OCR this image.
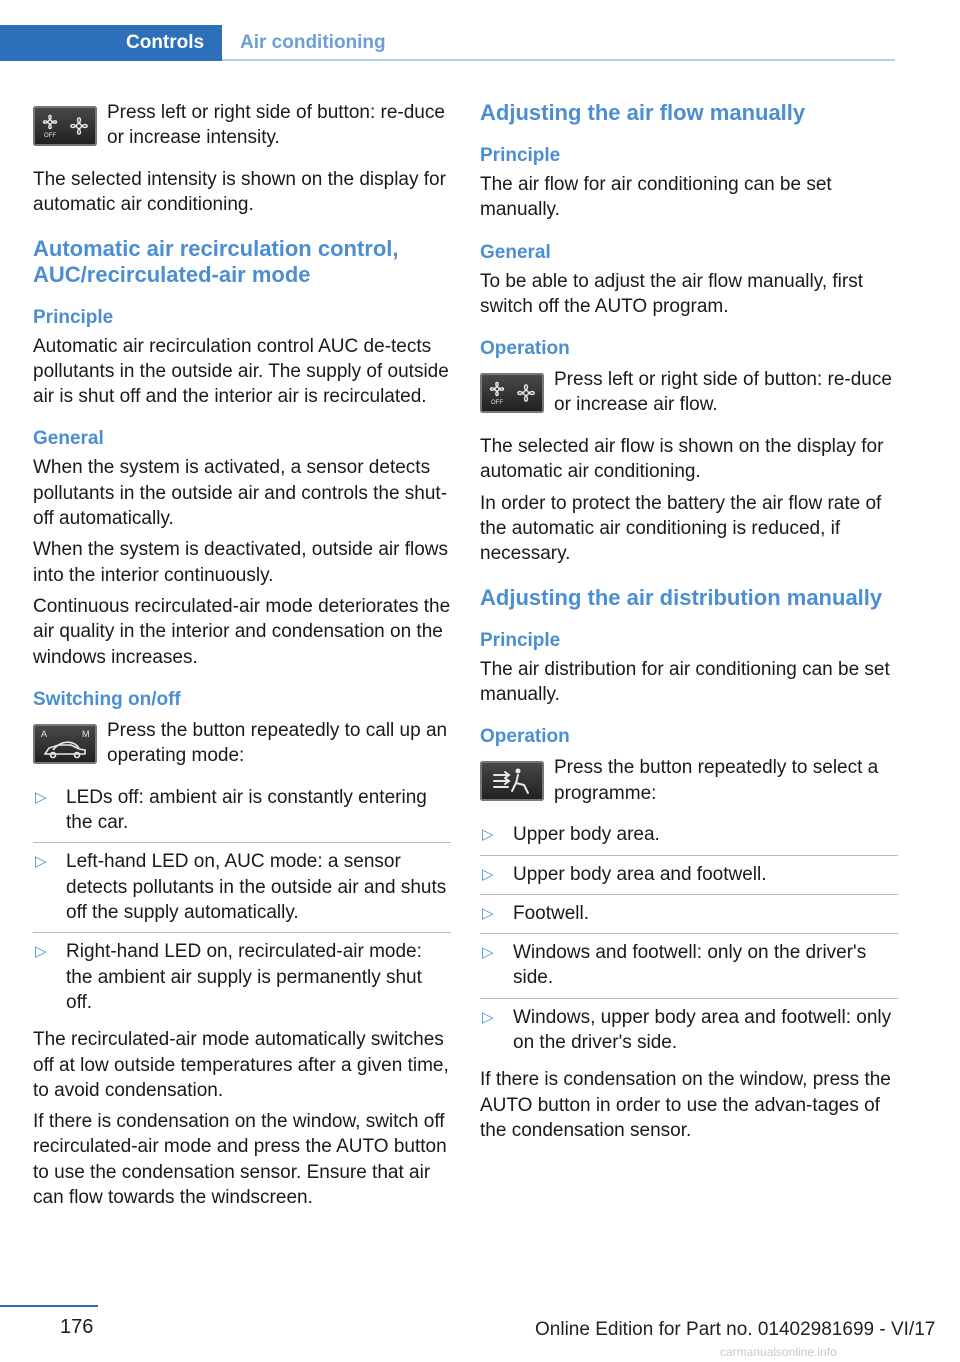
Controls	Air conditioning
OFF

Press left or right side of button: re‐duce or increase intensity.

The selected intensity is shown on the display for automatic air conditioning.

Automatic air recirculation control, AUC/recirculated-air mode
Principle

Automatic air recirculation control AUC de‐tects pollutants in the outside air. The supply of outside air is shut off and the interior air is recirculated.

General

When the system is activated, a sensor detects pollutants in the outside air and controls the shut-off automatically.

When the system is deactivated, outside air flows into the interior continuously.

Continuous recirculated-air mode deteriorates the air quality in the interior and condensation on the windows increases.

Switching on/off
A	M Press the button repeatedly to call up an operating mode:

▷ LEDs off: ambient air is constantly entering the car.
▷ Left-hand LED on, AUC mode: a sensor detects pollutants in the outside air and shuts off the supply automatically.
▷ Right-hand LED on, recirculated-air mode: the ambient air supply is permanently shut off.

The recirculated-air mode automatically switches off at low outside temperatures after a given time, to avoid condensation.

If there is condensation on the window, switch off recirculated-air mode and press the AUTO button to use the condensation sensor. Ensure that air can flow towards the windscreen.

Adjusting the air flow manually
Principle

The air flow for air conditioning can be set manually.

General

To be able to adjust the air flow manually, first switch off the AUTO program.

Operation
OFF

Press left or right side of button: re‐duce or increase air flow.

The selected air flow is shown on the display for automatic air conditioning.

In order to protect the battery the air flow rate of the automatic air conditioning is reduced, if necessary.

Adjusting the air distribution manually
Principle

The air distribution for air conditioning can be set manually.

Operation

Press the button repeatedly to select a programme:

▷ Upper body area.
▷ Upper body area and footwell.
▷ Footwell.
▷ Windows and footwell: only on the driver's side.
▷ Windows, upper body area and footwell: only on the driver's side.

If there is condensation on the window, press the AUTO button in order to use the advan‐tages of the condensation sensor.

176	Online Edition for Part no. 01402981699 - VI/17
carmanualsonline.info
